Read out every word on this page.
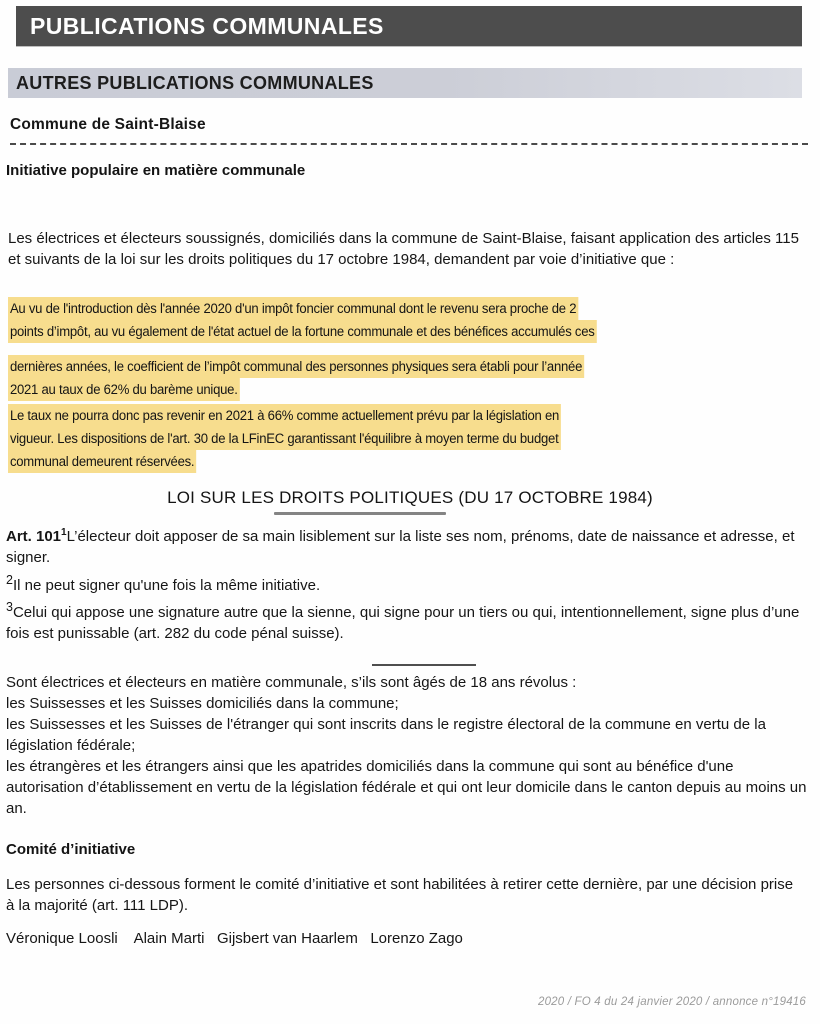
PUBLICATIONS COMMUNALES
AUTRES PUBLICATIONS COMMUNALES
Commune de Saint-Blaise
Initiative populaire en matière communale
Les électrices et électeurs soussignés, domiciliés dans la commune de Saint-Blaise, faisant application des articles 115 et suivants de la loi sur les droits politiques du 17 octobre 1984, demandent par voie d’initiative que :
Au vu de l'introduction dès l'année 2020 d'un impôt foncier communal dont le revenu sera proche de 2
points d’impôt, au vu également de l'état actuel de la fortune communale et des bénéfices accumulés ces
dernières années, le coefficient de l’impôt communal des personnes physiques sera établi pour l’année
2021 au taux de 62% du barème unique.
Le taux ne pourra donc pas revenir en 2021 à 66% comme actuellement prévu par la législation en
vigueur. Les dispositions de l'art. 30 de la LFinEC garantissant l'équilibre à moyen terme du budget
communal demeurent réservées.
LOI SUR LES DROITS POLITIQUES (DU 17 OCTOBRE 1984)
Art. $101^1L’électeur$ doit apposer de sa main lisiblement sur la liste ses nom, prénoms, date de naissance et adresse, et signer.
$^2$Il ne peut signer qu'une fois la même initiative.
$^3$Celui qui appose une signature autre que la sienne, qui signe pour un tiers ou qui, intentionnellement, signe plus d’une fois est punissable (art. 282 du code pénal suisse).
Sont électrices et électeurs en matière communale, s’ils sont âgés de 18 ans révolus :
les Suissesses et les Suisses domiciliés dans la commune;
les Suissesses et les Suisses de l'étranger qui sont inscrits dans le registre électoral de la commune en vertu de la législation fédérale;
les étrangères et les étrangers ainsi que les apatrides domiciliés dans la commune qui sont au bénéfice d'une autorisation d’établissement en vertu de la législation fédérale et qui ont leur domicile dans le canton depuis au moins un an.
Comité d’initiative
Les personnes ci-dessous forment le comité d’initiative et sont habilitées à retirer cette dernière, par une décision prise à la majorité (art. 111 LDP).
Véronique Loosli    Alain Marti   Gijsbert van Haarlem   Lorenzo Zago
2020 / FO 4 du 24 janvier 2020 / annonce n°19416
